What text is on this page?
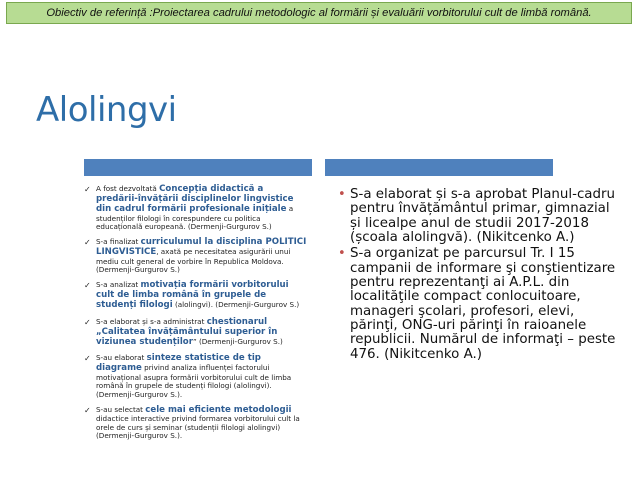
Obiectiv de referință :Proiectarea cadrului metodologic al formării și evaluării vorbitorului cult de limbă română.
Alolingvi
✓ A fost dezvoltată Concepția didactică a predării-învățării disciplinelor lingvistice din cadrul formării profesionale inițiale a studenților filologi în corespundere cu politica educațională europeană. (Dermenji-Gurgurov S.)
✓ S-a finalizat curriculumul la disciplina POLITICI LINGVISTICE, axată pe necesitatea asigurării unui mediu cult general de vorbire în Republica Moldova. (Dermenji-Gurgurov S.)
✓ S-a analizat motivația formării vorbitorului cult de limba română în grupele de studenți filologi (alolingvi). (Dermenji-Gurgurov S.)
✓ S-a elaborat și s-a administrat chestionarul „Calitatea învățământului superior în viziunea studenților” (Dermenji-Gurgurov S.)
✓ S-au elaborat sinteze statistice de tip diagrame privind analiza influenței factorului motivațional asupra formării vorbitorului cult de limba română în grupele de studenți filologi (alolingvi). (Dermenji-Gurgurov S.).
✓ S-au selectat cele mai eficiente metodologii didactice interactive privind formarea vorbitorului cult la orele de curs și seminar (studenții filologi alolingvi) (Dermenji-Gurgurov S.).
• S-a elaborat și s-a aprobat Planul-cadru pentru învățământul primar, gimnazial și licealpe anul de studii 2017-2018 (școala alolingvă). (Nikitcenko A.)
• S-a organizat pe parcursul Tr. I 15 campanii de informare şi conştientizare pentru reprezentanţi ai A.P.L. din localităţile compact conlocuitoare, manageri şcolari, profesori, elevi, părinţi, ONG-uri părinţi în raioanele republicii. Numărul de informaţi – peste 476. (Nikitcenko A.)
